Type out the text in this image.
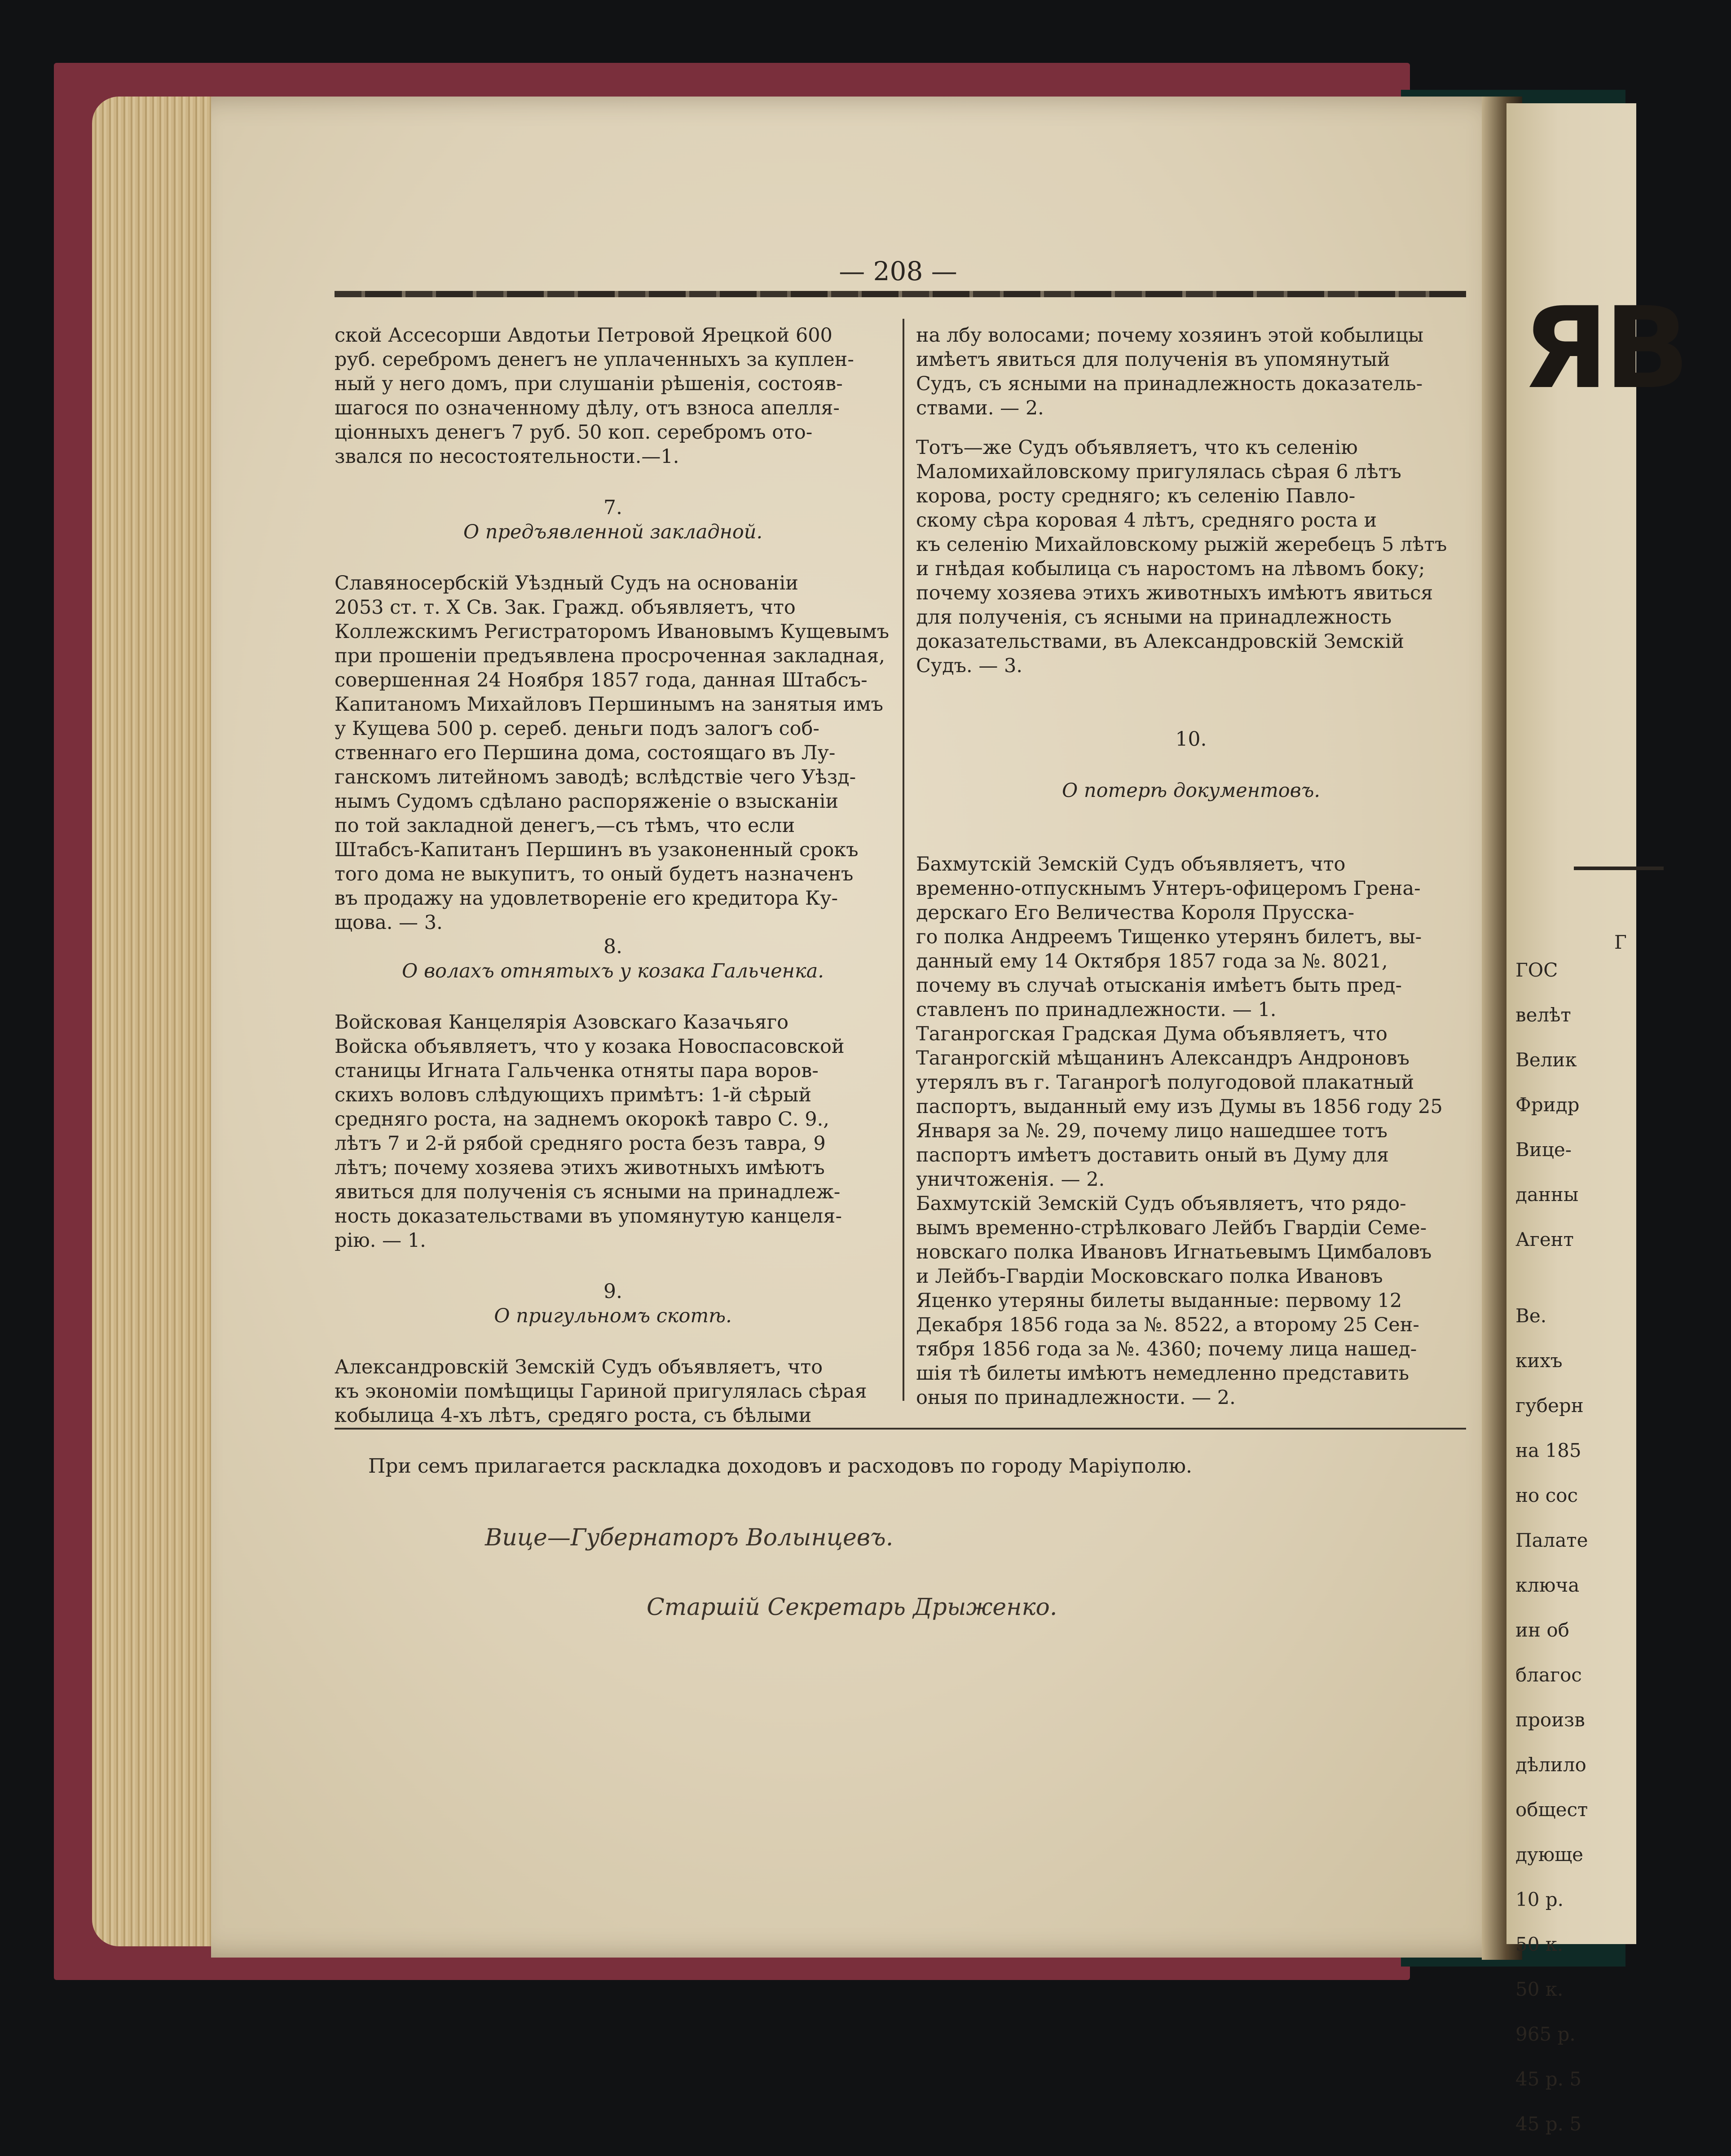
ЯВ

ГОС

велѣт

Велик

Фридр

Вице-

данны

Агент

Г

Ве.

кихъ

губерн

на 185

но сос

Палате

ключа

ин об

благос

произв

дѣлило

общест

дующе

10 р.

50 к.

50 к.

965 р.

45 р. 5

45 р. 5

— 208 —

ской Ассесорши Авдотьи Петровой Ярецкой 600

руб. серебромъ денегъ не уплаченныхъ за куплен-

ный у него домъ, при слушаніи рѣшенія, состояв-

шагося по означенному дѣлу, отъ взноса апелля-

ціонныхъ денегъ 7 руб. 50 коп. серебромъ ото-

звался по несостоятельности.—1.

7.

О предъявленной закладной.

Славяносербскій Уѣздный Судъ на основаніи

2053 ст. т. X Св. Зак. Гражд. объявляетъ, что

Коллежскимъ Регистраторомъ Ивановымъ Кущевымъ

при прошеніи предъявлена просроченная закладная,

совершенная 24 Ноября 1857 года, данная Штабсъ-

Капитаномъ Михайловъ Першинымъ на занятыя имъ

у Кущева 500 р. сереб. деньги подъ залогъ соб-

ственнаго его Першина дома, состоящаго въ Лу-

ганскомъ литейномъ заводѣ; вслѣдствіе чего Уѣзд-

нымъ Судомъ сдѣлано распоряженіе о взысканіи

по той закладной денегъ,—съ тѣмъ, что если

Штабсъ-Капитанъ Першинъ въ узаконенный срокъ

того дома не выкупитъ, то оный будетъ назначенъ

въ продажу на удовлетвореніе его кредитора Ку-

щова. — 3.

8.

О волахъ отнятыхъ у козака Гальченка.

Войсковая Канцелярія Азовскаго Казачьяго

Войска объявляетъ, что у козака Новоспасовской

станицы Игната Гальченка отняты пара воров-

скихъ воловъ слѣдующихъ примѣтъ: 1-й сѣрый

средняго роста, на заднемъ окорокѣ тавро С. 9.,

лѣтъ 7 и 2-й рябой средняго роста безъ тавра, 9

лѣтъ; почему хозяева этихъ животныхъ имѣютъ

явиться для полученія съ ясными на принадлеж-

ность доказательствами въ упомянутую канцеля-

рію. — 1.

9.

О пригульномъ скотѣ.

Александровскій Земскій Судъ объявляетъ, что

къ экономіи помѣщицы Гариной пригулялась сѣрая

кобылица 4-хъ лѣтъ, средяго роста, съ бѣлыми

на лбу волосами; почему хозяинъ этой кобылицы

имѣетъ явиться для полученія въ упомянутый

Судъ, съ ясными на принадлежность доказатель-

ствами. — 2.

Тотъ—же Судъ объявляетъ, что къ селенію

Маломихайловскому пригулялась сѣрая 6 лѣтъ

корова, росту средняго; къ селенію Павло-

скому сѣра коровая 4 лѣтъ, средняго роста и

къ селенію Михайловскому рыжій жеребецъ 5 лѣтъ

и гнѣдая кобылица съ наростомъ на лѣвомъ боку;

почему хозяева этихъ животныхъ имѣютъ явиться

для полученія, съ ясными на принадлежность

доказательствами, въ Александровскій Земскій

Судъ. — 3.

10.

О потерѣ документовъ.

Бахмутскій Земскій Судъ объявляетъ, что

временно-отпускнымъ Унтеръ-офицеромъ Грена-

дерскаго Его Величества Короля Прусска-

го полка Андреемъ Тищенко утерянъ билетъ, вы-

данный ему 14 Октября 1857 года за №. 8021,

почему въ случаѣ отысканія имѣетъ быть пред-

ставленъ по принадлежности. — 1.

Таганрогская Градская Дума объявляетъ, что

Таганрогскій мѣщанинъ Александръ Андроновъ

утерялъ въ г. Таганрогѣ полугодовой плакатный

паспортъ, выданный ему изъ Думы въ 1856 году 25

Января за №. 29, почему лицо нашедшее тотъ

паспортъ имѣетъ доставить оный въ Думу для

уничтоженія. — 2.

Бахмутскій Земскій Судъ объявляетъ, что рядо-

вымъ временно-стрѣлковаго Лейбъ Гвардіи Семе-

новскаго полка Ивановъ Игнатьевымъ Цимбаловъ

и Лейбъ-Гвардіи Московскаго полка Ивановъ

Яценко утеряны билеты выданные: первому 12

Декабря 1856 года за №. 8522, а второму 25 Сен-

тября 1856 года за №. 4360; почему лица нашед-

шія тѣ билеты имѣютъ немедленно представить

оныя по принадлежности. — 2.

При семъ прилагается раскладка доходовъ и расходовъ по городу Маріуполю.
Вице—Губернаторъ Волынцевъ.
Старшій Секретарь Дрыженко.
